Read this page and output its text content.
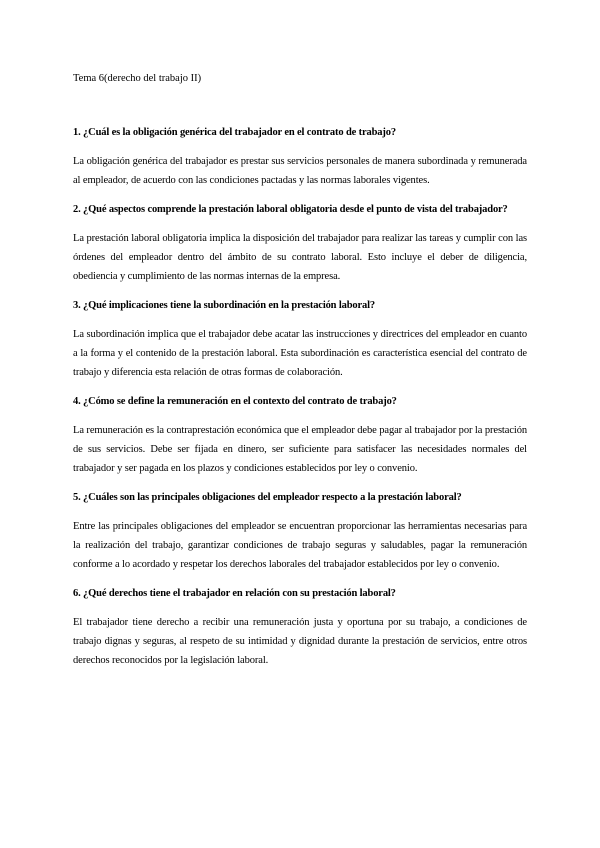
Tema 6(derecho del trabajo II)

1. ¿Cuál es la obligación genérica del trabajador en el contrato de trabajo?

La obligación genérica del trabajador es prestar sus servicios personales de manera subordinada y remunerada al empleador, de acuerdo con las condiciones pactadas y las normas laborales vigentes.

2. ¿Qué aspectos comprende la prestación laboral obligatoria desde el punto de vista del trabajador?

La prestación laboral obligatoria implica la disposición del trabajador para realizar las tareas y cumplir con las órdenes del empleador dentro del ámbito de su contrato laboral. Esto incluye el deber de diligencia, obediencia y cumplimiento de las normas internas de la empresa.

3. ¿Qué implicaciones tiene la subordinación en la prestación laboral?

La subordinación implica que el trabajador debe acatar las instrucciones y directrices del empleador en cuanto a la forma y el contenido de la prestación laboral. Esta subordinación es característica esencial del contrato de trabajo y diferencia esta relación de otras formas de colaboración.

4. ¿Cómo se define la remuneración en el contexto del contrato de trabajo?

La remuneración es la contraprestación económica que el empleador debe pagar al trabajador por la prestación de sus servicios. Debe ser fijada en dinero, ser suficiente para satisfacer las necesidades normales del trabajador y ser pagada en los plazos y condiciones establecidos por ley o convenio.

5. ¿Cuáles son las principales obligaciones del empleador respecto a la prestación laboral?

Entre las principales obligaciones del empleador se encuentran proporcionar las herramientas necesarias para la realización del trabajo, garantizar condiciones de trabajo seguras y saludables, pagar la remuneración conforme a lo acordado y respetar los derechos laborales del trabajador establecidos por ley o convenio.

6. ¿Qué derechos tiene el trabajador en relación con su prestación laboral?

El trabajador tiene derecho a recibir una remuneración justa y oportuna por su trabajo, a condiciones de trabajo dignas y seguras, al respeto de su intimidad y dignidad durante la prestación de servicios, entre otros derechos reconocidos por la legislación laboral.
